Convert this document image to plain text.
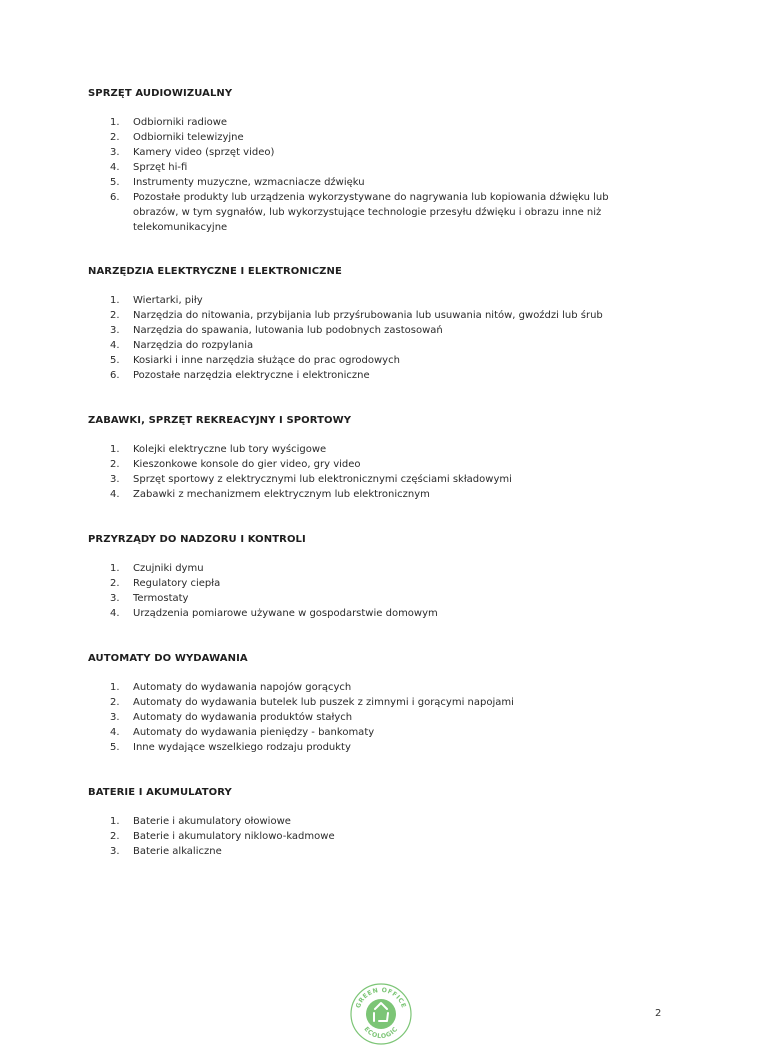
SPRZĘT AUDIOWIZUALNY
1.	Odbiorniki radiowe
2.	Odbiorniki telewizyjne
3.	Kamery video (sprzęt video)
4.	Sprzęt hi-fi
5.	Instrumenty muzyczne, wzmacniacze dźwięku
6.	Pozostałe produkty lub urządzenia wykorzystywane do nagrywania lub kopiowania dźwięku lub obrazów, w tym sygnałów, lub wykorzystujące technologie przesyłu dźwięku i obrazu inne niż telekomunikacyjne
NARZĘDZIA ELEKTRYCZNE I ELEKTRONICZNE
1.	Wiertarki, piły
2.	Narzędzia do nitowania, przybijania lub przyśrubowania lub usuwania nitów, gwoździ lub śrub
3.	Narzędzia do spawania, lutowania lub podobnych zastosowań
4.	Narzędzia do rozpylania
5.	Kosiarki i inne narzędzia służące do prac ogrodowych
6.	Pozostałe narzędzia elektryczne i elektroniczne
ZABAWKI, SPRZĘT REKREACYJNY I SPORTOWY
1.	Kolejki elektryczne lub tory wyścigowe
2.	Kieszonkowe konsole do gier video, gry video
3.	Sprzęt sportowy z elektrycznymi lub elektronicznymi częściami składowymi
4.	Zabawki z mechanizmem elektrycznym lub elektronicznym
PRZYRZĄDY DO NADZORU I KONTROLI
1.	Czujniki dymu
2.	Regulatory ciepła
3.	Termostaty
4.	Urządzenia pomiarowe używane w gospodarstwie domowym
AUTOMATY DO WYDAWANIA
1.	Automaty do wydawania napojów gorących
2.	Automaty do wydawania butelek lub puszek z zimnymi i gorącymi napojami
3.	Automaty do wydawania produktów stałych
4.	Automaty do wydawania pieniędzy - bankomaty
5.	Inne wydające wszelkiego rodzaju produkty
BATERIE I AKUMULATORY
1.	Baterie i akumulatory ołowiowe
2.	Baterie i akumulatory niklowo-kadmowe
3.	Baterie alkaliczne
GREEN OFFICE
ECOLOGIC
2
